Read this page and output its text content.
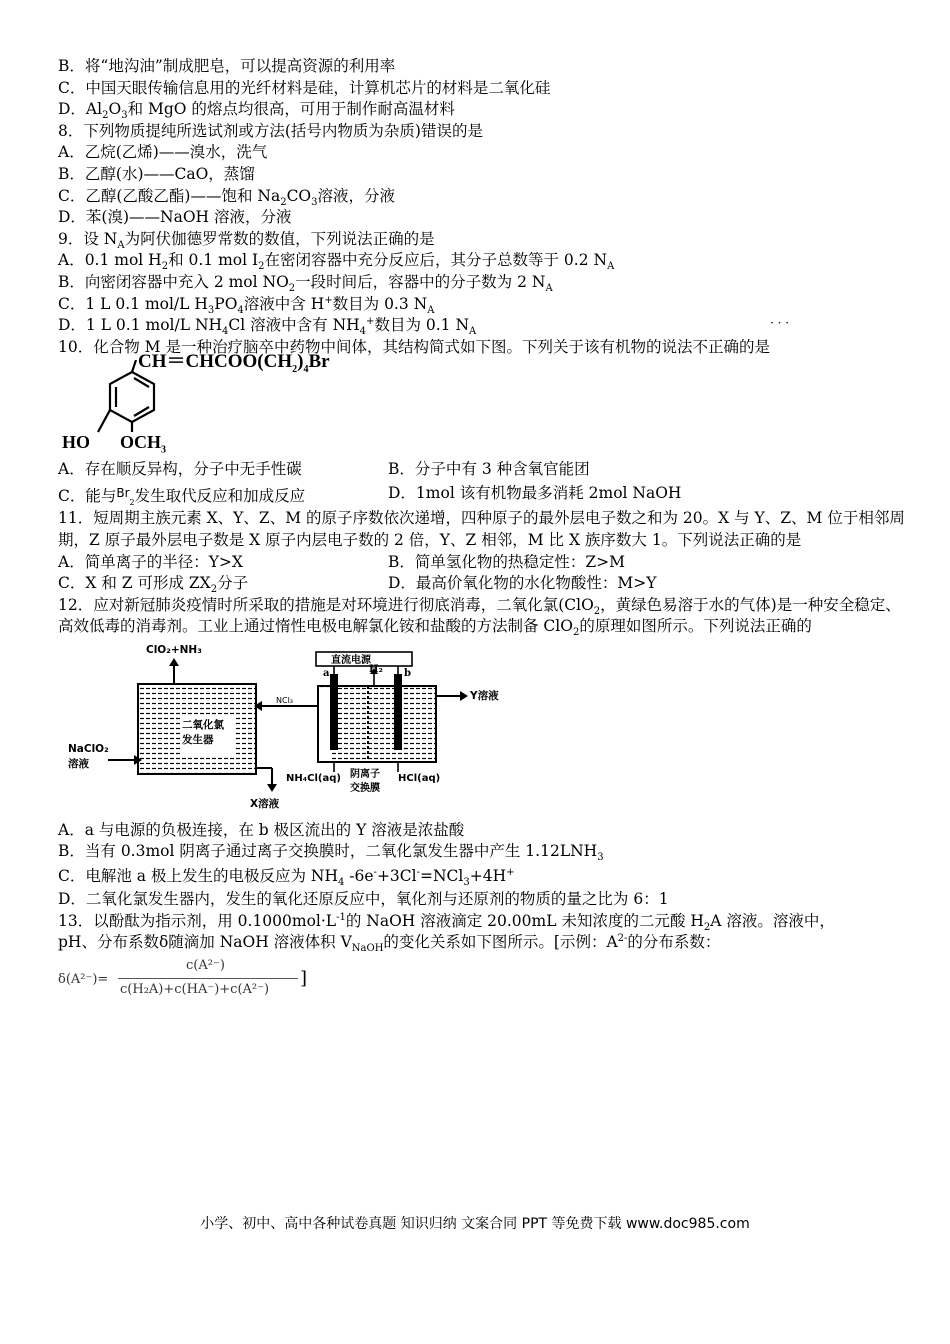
B．将“地沟油”制成肥皂，可以提高资源的利用率
C．中国天眼传输信息用的光纤材料是硅，计算机芯片的材料是二氧化硅
D．$Al_2O_3$和 MgO 的熔点均很高，可用于制作耐高温材料
8．下列物质提纯所选试剂或方法(括号内物质为杂质)错误的是
A．乙烷(乙烯)——溴水，洗气
B．乙醇(水)——CaO，蒸馏
C．乙醇(乙酸乙酯)——饱和 $Na_2CO_3$溶液，分液
D．苯(溴)——NaOH 溶液，分液
9．设 $N_A$为阿伏伽德罗常数的数值，下列说法正确的是
A．0.1 mol $H_2$和 0.1 mol $I_2$在密闭容器中充分反应后，其分子总数等于 0.2 $N_A$
B．向密闭容器中充入 2 mol $NO_2$一段时间后，容器中的分子数为 2 $N_A$
C．1 L 0.1 mol/L $H_3PO_4$溶液中含 H+数目为 0.3 $N_A$
D．1 L 0.1 mol/L $NH_4Cl$ 溶液中含有 $NH_4^+$数目为 0.1 $N_A$
· · ·
10．化合物 M 是一种治疗脑卒中药物中间体，其结构简式如下图。下列关于该有机物的说法不正确的是
$CH=CHCOO(CH_2)_4Br$
HO $OCH_3$
A．存在顺反异构，分子中无手性碳	B．分子中有 3 种含氧官能团
C．能与$^{Br}_2$发生取代反应和加成反应	D．1mol 该有机物最多消耗 2mol NaOH
11．短周期主族元素 X、Y、Z、M 的原子序数依次递增，四种原子的最外层电子数之和为 20。X 与 Y、Z、M 位于相邻周期，Z 原子最外层电子数是 X 原子内层电子数的 2 倍，Y、Z 相邻，M 比 X 族序数大 1。下列说法正确的是
A．简单离子的半径：Y>X	B．简单氢化物的热稳定性：Z>M
C．X 和 Z 可形成 $ZX_2$分子	D．最高价氧化物的水化物酸性：M>Y
12．应对新冠肺炎疫情时所采取的措施是对环境进行彻底消毒，二氧化氯(ClO$_2$，黄绿色易溶于水的气体)是一种安全稳定、高效低毒的消毒剂。工业上通过惰性电极电解氯化铵和盐酸的方法制备 ClO$_2$的原理如图所示。下列说法正确的
ClO₂+NH₃
直流电源
a	b
H₂
NCl₃	Y溶液
二氧化氯
发生器
NaClO₂
溶液
X溶液
NH₄Cl(aq) 阴离子
交换膜
HCl(aq)
A．a 与电源的负极连接，在 b 极区流出的 Y 溶液是浓盐酸
B．当有 0.3mol 阴离子通过离子交换膜时，二氧化氯发生器中产生 $1.12LNH_3$
C．电解池 a 极上发生的电极反应为 $NH_4$ -6e-+3Cl-=NCl$_3$+4H+
D．二氧化氯发生器内，发生的氧化还原反应中，氧化剂与还原剂的物质的量之比为 6：1
13．以酚酞为指示剂，用 $0.1000mol\cdot L^{-1}$的 NaOH 溶液滴定 20.00mL 未知浓度的二元酸 $H_2A$ 溶液。溶液中，
pH、分布系数δ随滴加 NaOH 溶液体积 $V_{NaOH}$的变化关系如下图所示。[示例：$A^{2-}$的分布系数：
δ(A²⁻)=
c(A²⁻)
c(H₂A)+c(HA⁻)+c(A²⁻)
]
小学、初中、高中各种试卷真题 知识归纳 文案合同 PPT 等免费下载 www.doc985.com
